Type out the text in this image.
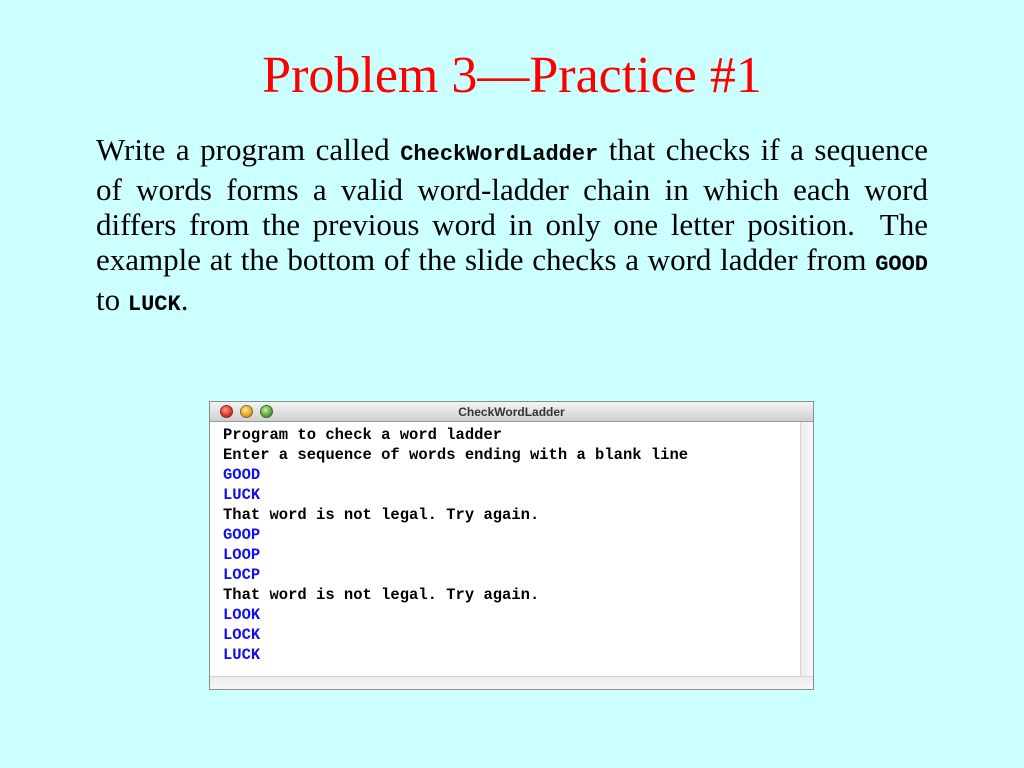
Problem 3—Practice #1
Write a program called CheckWordLadder that checks if a sequence of words forms a valid word-ladder chain in which each word differs from the previous word in only one letter position.  The example at the bottom of the slide checks a word ladder from GOOD to LUCK.
CheckWordLadder
Program to check a word ladder
Enter a sequence of words ending with a blank line
GOOD
LUCK
That word is not legal. Try again.
GOOP
LOOP
LOCP
That word is not legal. Try again.
LOOK
LOCK
LUCK
